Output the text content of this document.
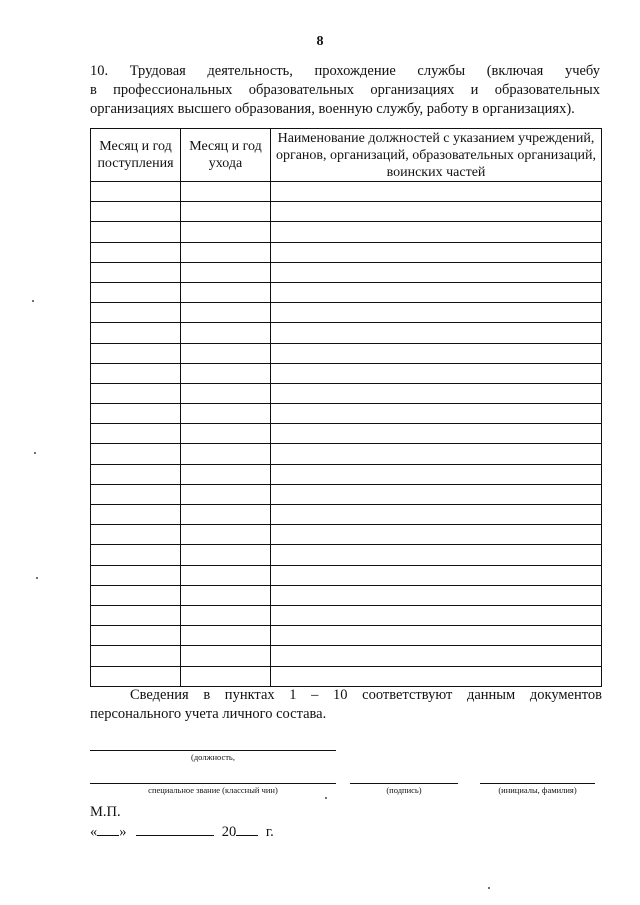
8
10. Трудовая деятельность, прохождение службы (включая учебу
в профессиональных образовательных организациях и образовательных
организациях высшего образования, военную службу, работу в организациях).
Месяц и год поступления	Месяц и год ухода	Наименование должностей с указанием учреждений, органов, организаций, образовательных организаций, воинских частей

Сведения в пунктах 1 – 10 соответствуют данным документов
персонального учета личного состава.
(должность,
специальное звание (классный чин)	(подпись)	(инициалы, фамилия)
М.П.
« »	20 г.
